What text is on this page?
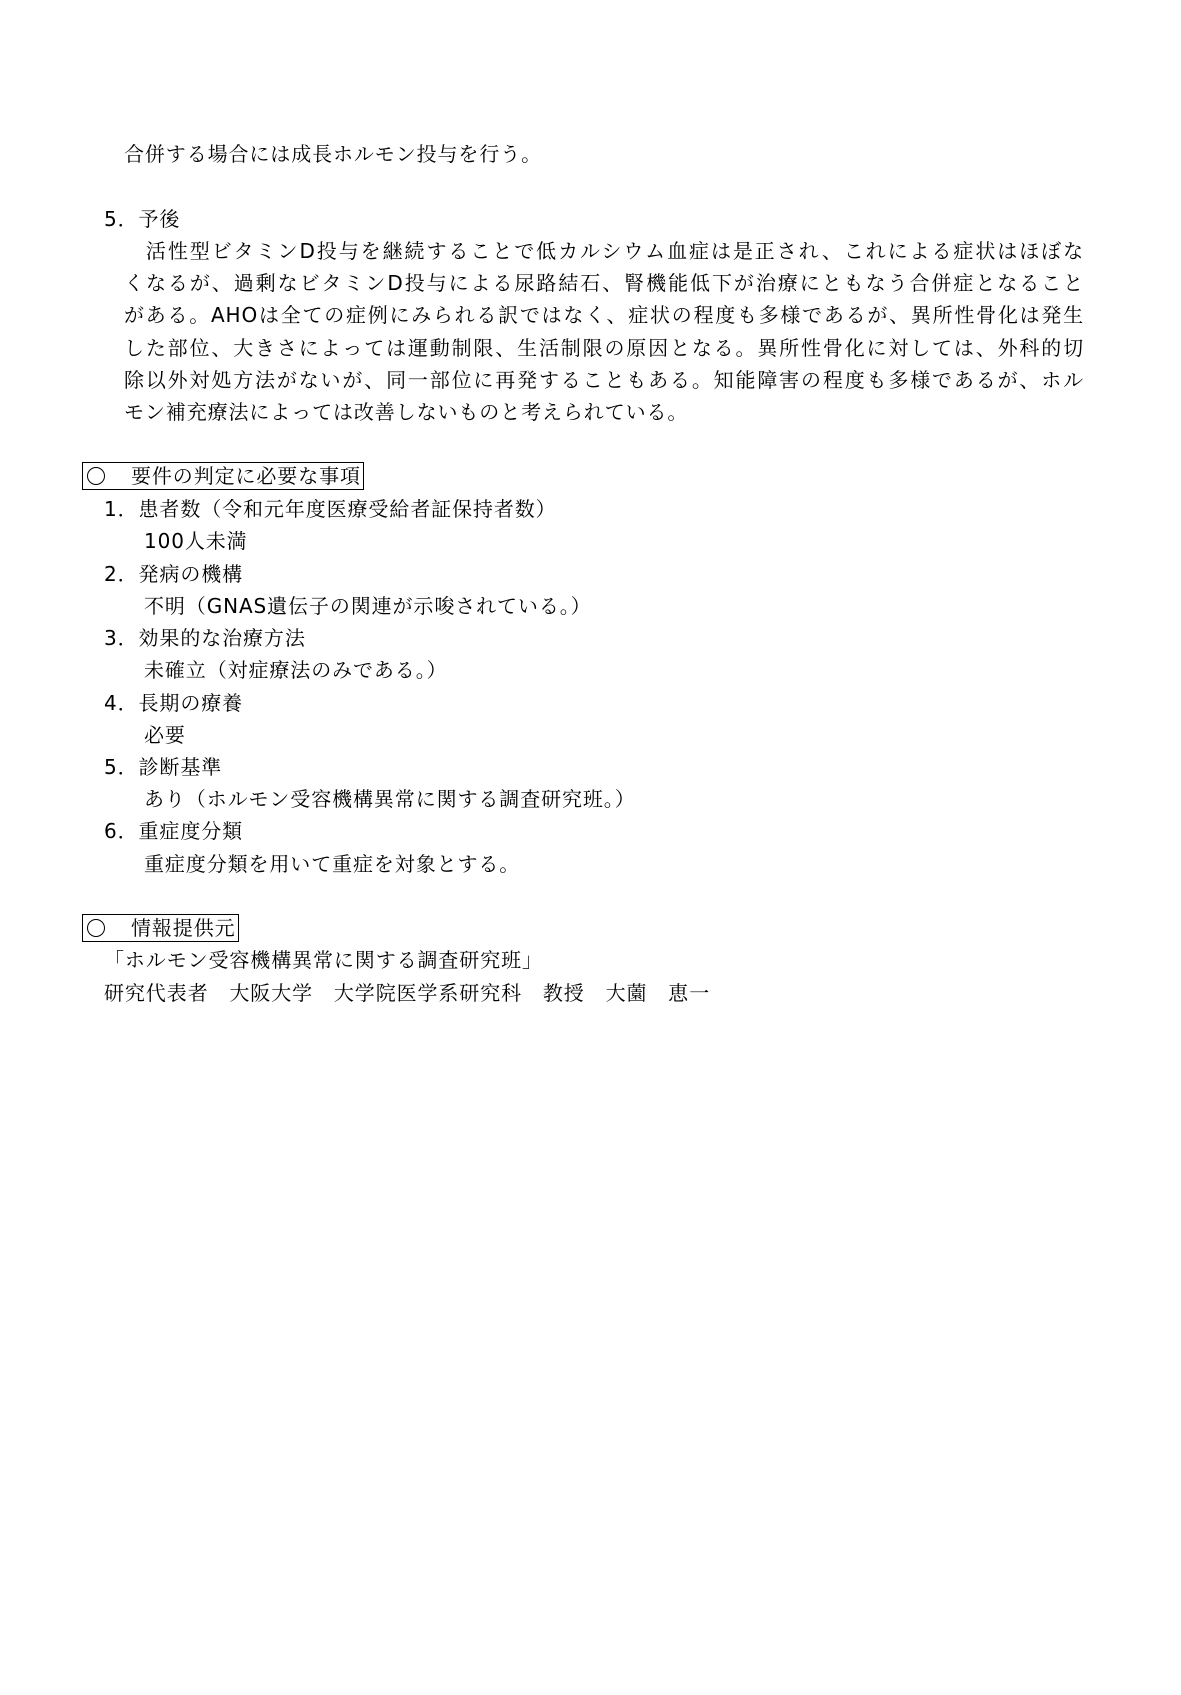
合併する場合には成長ホルモン投与を行う。
5．予後
　活性型ビタミンD投与を継続することで低カルシウム血症は是正され、これによる症状はほぼな
くなるが、過剰なビタミンD投与による尿路結石、腎機能低下が治療にともなう合併症となること
がある。AHOは全ての症例にみられる訳ではなく、症状の程度も多様であるが、異所性骨化は発生
した部位、大きさによっては運動制限、生活制限の原因となる。異所性骨化に対しては、外科的切
除以外対処方法がないが、同一部位に再発することもある。知能障害の程度も多様であるが、ホル
モン補充療法によっては改善しないものと考えられている。
要件の判定に必要な事項
1．患者数（令和元年度医療受給者証保持者数）
100人未満
2．発病の機構
不明（GNAS遺伝子の関連が示唆されている。）
3．効果的な治療方法
未確立（対症療法のみである。）
4．長期の療養
必要
5．診断基準
あり（ホルモン受容機構異常に関する調査研究班。）
6．重症度分類
重症度分類を用いて重症を対象とする。
情報提供元
「ホルモン受容機構異常に関する調査研究班」
研究代表者　大阪大学　大学院医学系研究科　教授　大薗　恵一
